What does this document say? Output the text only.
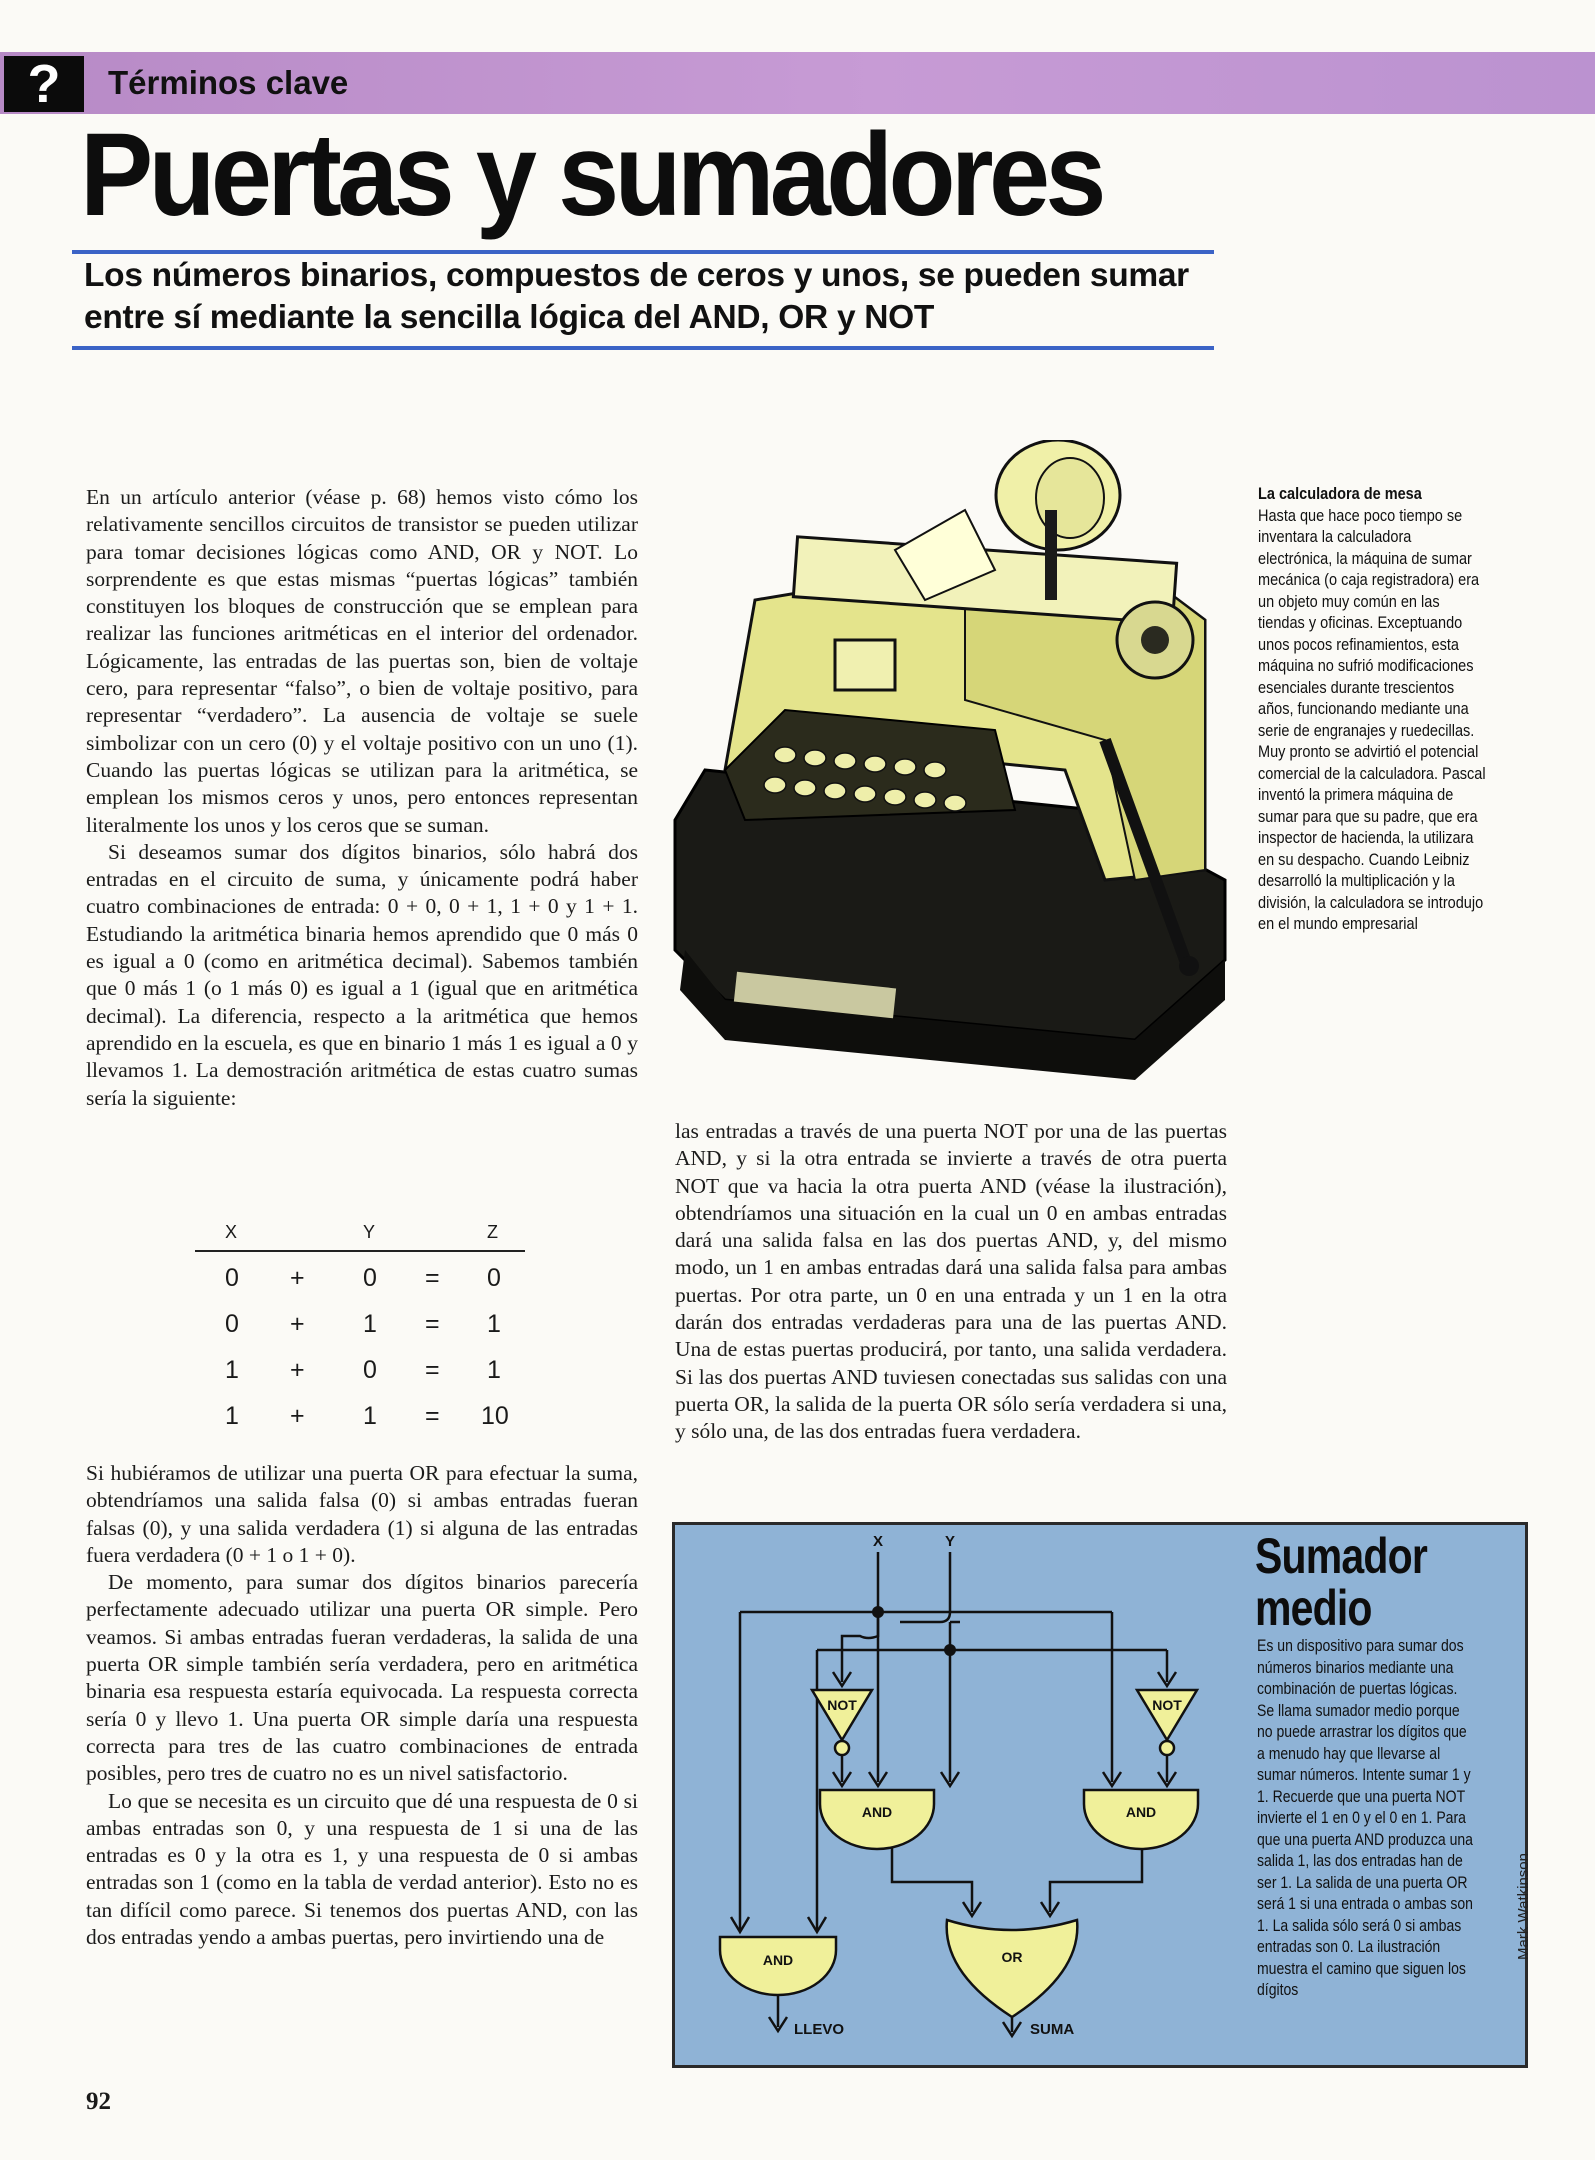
?	Términos clave
Puertas y sumadores
Los números binarios, compuestos de ceros y unos, se pueden sumar entre sí mediante la sencilla lógica del AND, OR y NOT

En un artículo anterior (véase p. 68) hemos visto cómo los relativamente sencillos circuitos de transistor se pueden utilizar para tomar decisiones lógicas como AND, OR y NOT. Lo sorprendente es que estas mismas “puertas lógicas” también constituyen los bloques de construcción que se emplean para realizar las funciones aritméticas en el interior del ordenador. Lógicamente, las entradas de las puertas son, bien de voltaje cero, para representar “falso”, o bien de voltaje positivo, para representar “verdadero”. La ausencia de voltaje se suele simbolizar con un cero (0) y el voltaje positivo con un uno (1). Cuando las puertas lógicas se utilizan para la aritmética, se emplean los mismos ceros y unos, pero entonces representan literalmente los unos y los ceros que se suman.

Si deseamos sumar dos dígitos binarios, sólo habrá dos entradas en el circuito de suma, y únicamente podrá haber cuatro combinaciones de entrada: 0 + 0, 0 + 1, 1 + 0 y 1 + 1. Estudiando la aritmética binaria hemos aprendido que 0 más 0 es igual a 0 (como en aritmética decimal). Sabemos también que 0 más 1 (o 1 más 0) es igual a 1 (igual que en aritmética decimal). La diferencia, respecto a la aritmética que hemos aprendido en la escuela, es que en binario 1 más 1 es igual a 0 y llevamos 1. La demostración aritmética de estas cuatro sumas sería la siguiente:

X	Y	Z
0 + 0 = 0
0 + 1 = 1
1 + 0 = 1
1 + 1 = 10

Si hubiéramos de utilizar una puerta OR para efectuar la suma, obtendríamos una salida falsa (0) si ambas entradas fueran falsas (0), y una salida verdadera (1) si alguna de las entradas fuera verdadera (0 + 1 o 1 + 0).

De momento, para sumar dos dígitos binarios parecería perfectamente adecuado utilizar una puerta OR simple. Pero veamos. Si ambas entradas fueran verdaderas, la salida de una puerta OR simple también sería verdadera, pero en aritmética binaria esa respuesta estaría equivocada. La respuesta correcta sería 0 y llevo 1. Una puerta OR simple daría una respuesta correcta para tres de las cuatro combinaciones de entrada posibles, pero tres de cuatro no es un nivel satisfactorio.

Lo que se necesita es un circuito que dé una respuesta de 0 si ambas entradas son 0, y una respuesta de 1 si una de las entradas es 0 y la otra es 1, y una respuesta de 0 si ambas entradas son 1 (como en la tabla de verdad anterior). Esto no es tan difícil como parece. Si tenemos dos puertas AND, con las dos entradas yendo a ambas puertas, pero invirtiendo una de

La calculadora de mesa
Hasta que hace poco tiempo se inventara la calculadora electrónica, la máquina de sumar mecánica (o caja registradora) era un objeto muy común en las tiendas y oficinas. Exceptuando unos pocos refinamientos, esta máquina no sufrió modificaciones esenciales durante trescientos años, funcionando mediante una serie de engranajes y ruedecillas. Muy pronto se advirtió el potencial comercial de la calculadora. Pascal inventó la primera máquina de sumar para que su padre, que era inspector de hacienda, la utilizara en su despacho. Cuando Leibniz desarrolló la multiplicación y la división, la calculadora se introdujo en el mundo empresarial

las entradas a través de una puerta NOT por una de las puertas AND, y si la otra entrada se invierte a través de otra puerta NOT que va hacia la otra puerta AND (véase la ilustración), obtendríamos una situación en la cual un 0 en ambas entradas dará una salida falsa en las dos puertas AND, y, del mismo modo, un 1 en ambas entradas dará una salida falsa para ambas puertas. Por otra parte, un 0 en una entrada y un 1 en la otra darán dos entradas verdaderas para una de las puertas AND. Una de estas puertas producirá, por tanto, una salida verdadera. Si las dos puertas AND tuviesen conectadas sus salidas con una puerta OR, la salida de la puerta OR sólo sería verdadera si una, y sólo una, de las dos entradas fuera verdadera.

X	Y
NOT	NOT
AND	AND
AND	OR
LLEVO	SUMA
Sumador
medio
Es un dispositivo para sumar dos números binarios mediante una combinación de puertas lógicas. Se llama sumador medio porque no puede arrastrar los dígitos que a menudo hay que llevarse al sumar números. Intente sumar 1 y 1. Recuerde que una puerta NOT invierte el 1 en 0 y el 0 en 1. Para que una puerta AND produzca una salida 1, las dos entradas han de ser 1. La salida de una puerta OR será 1 si una entrada o ambas son 1. La salida sólo será 0 si ambas entradas son 0. La ilustración muestra el camino que siguen los dígitos
Mark Watkinson
92
